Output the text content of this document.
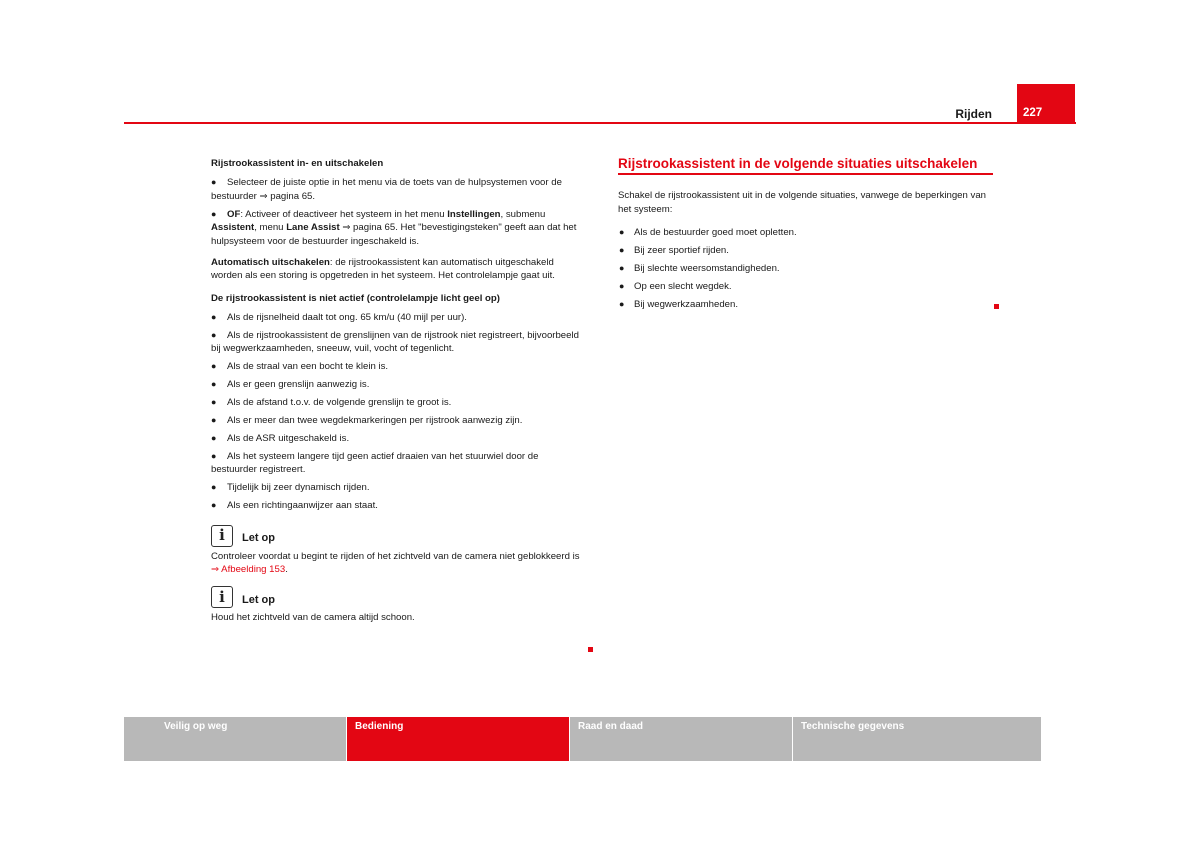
Rijden	227
Rijstrookassistent in- en uitschakelen
● Selecteer de juiste optie in het menu via de toets van de hulpsystemen voor de bestuurder ⇒ pagina 65.
● OF: Activeer of deactiveer het systeem in het menu Instellingen, submenu Assistent, menu Lane Assist ⇒ pagina 65. Het "bevestigingsteken" geeft aan dat het hulpsysteem voor de bestuurder ingeschakeld is.

Automatisch uitschakelen: de rijstrookassistent kan automatisch uitgeschakeld worden als een storing is opgetreden in het systeem. Het controlelampje gaat uit.

De rijstrookassistent is niet actief (controlelampje licht geel op)
● Als de rijsnelheid daalt tot ong. 65 km/u (40 mijl per uur).
● Als de rijstrookassistent de grenslijnen van de rijstrook niet registreert, bijvoorbeeld bij wegwerkzaamheden, sneeuw, vuil, vocht of tegenlicht.
● Als de straal van een bocht te klein is.
● Als er geen grenslijn aanwezig is.
● Als de afstand t.o.v. de volgende grenslijn te groot is.
● Als er meer dan twee wegdekmarkeringen per rijstrook aanwezig zijn.
● Als de ASR uitgeschakeld is.
● Als het systeem langere tijd geen actief draaien van het stuurwiel door de bestuurder registreert.
● Tijdelijk bij zeer dynamisch rijden.
● Als een richtingaanwijzer aan staat.
i Let op

Controleer voordat u begint te rijden of het zichtveld van de camera niet geblokkeerd is ⇒ Afbeelding 153.

i Let op

Houd het zichtveld van de camera altijd schoon.

Rijstrookassistent in de volgende situaties uitschakelen

Schakel de rijstrookassistent uit in de volgende situaties, vanwege de beperkingen van het systeem:

● Als de bestuurder goed moet opletten.
● Bij zeer sportief rijden.
● Bij slechte weersomstandigheden.
● Op een slecht wegdek.
● Bij wegwerkzaamheden.
Veilig op weg	Bediening	Raad en daad	Technische gegevens
